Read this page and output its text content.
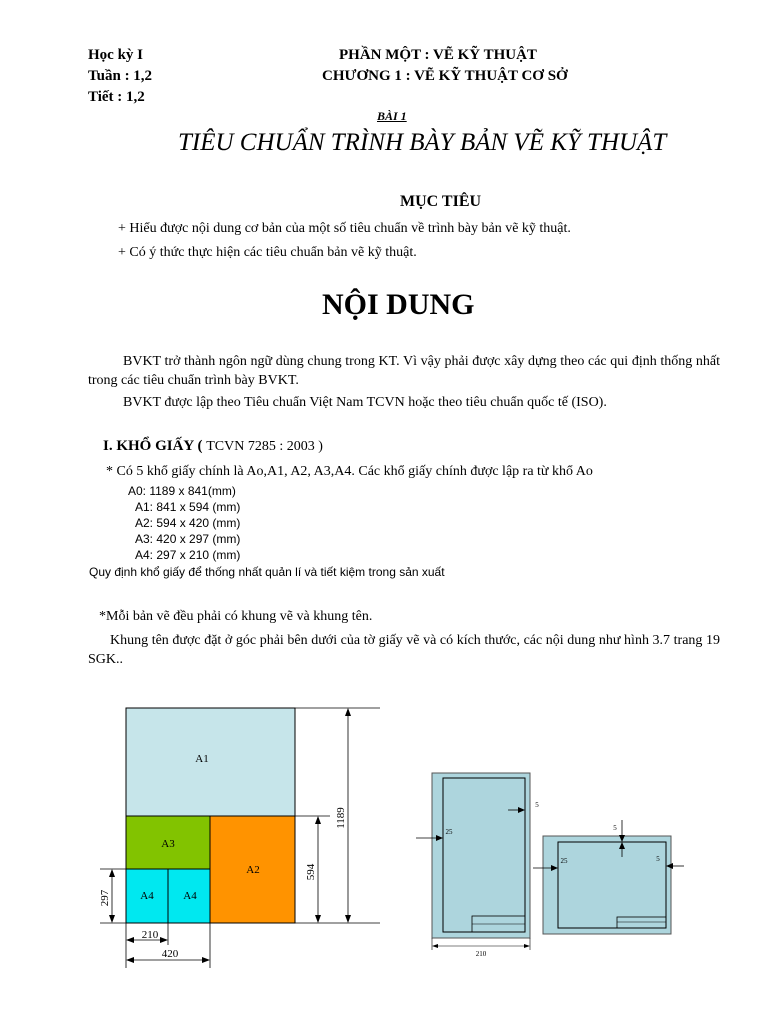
Học kỳ I
Tuần : 1,2
Tiết : 1,2
PHẦN MỘT : VẼ KỸ THUẬT
CHƯƠNG 1 : VẼ KỸ THUẬT CƠ SỞ
BÀI 1
TIÊU CHUẨN TRÌNH BÀY BẢN VẼ KỸ THUẬT
MỤC TIÊU
+ Hiểu được nội dung cơ bản của một số tiêu chuẩn về trình bày bản vẽ kỹ thuật.
+ Có ý thức thực hiện các tiêu chuẩn bản vẽ kỹ thuật.
NỘI DUNG
BVKT trở thành ngôn ngữ dùng chung trong KT. Vì vậy phải được xây dựng theo các qui định thống nhất trong các tiêu chuẩn trình bày BVKT.
BVKT được lập theo Tiêu chuẩn Việt Nam TCVN hoặc theo tiêu chuẩn quốc tế (ISO).
I. KHỔ GIẤY ( TCVN 7285 : 2003 )
* Có 5 khổ giấy chính là Ao,A1, A2, A3,A4. Các khổ giấy chính được lập ra từ khổ Ao
A0: 1189 x 841(mm)
A1: 841 x 594 (mm)
A2: 594 x 420 (mm)
A3: 420 x 297 (mm)
A4: 297 x 210 (mm)
Quy định khổ giấy để thống nhất quản lí và tiết kiệm trong sản xuất
*Mỗi bản vẽ đều phải có khung vẽ và khung tên.
Khung tên được đặt ở góc phải bên dưới của tờ giấy vẽ và có kích thước, các nội dung như hình 3.7 trang 19 SGK..
A1
A3
A2
A4	A4
1189
594
297
210
420
5
25
210
5
25	5
